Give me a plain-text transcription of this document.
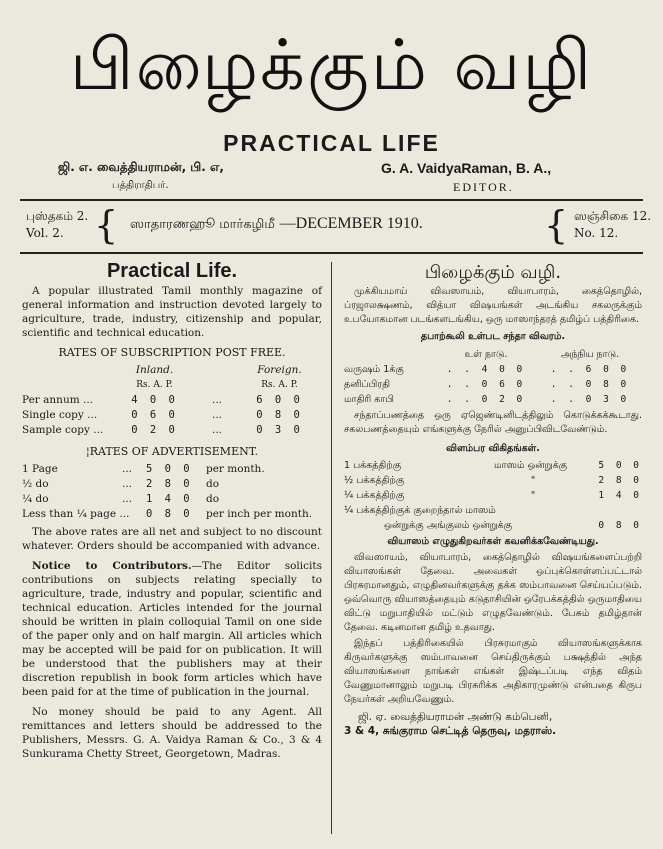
பிழைக்கும் வழி
PRACTICAL LIFE
ஜி. எ. வைத்தியராமன், பி. எ,
பத்திராதிபர்.
G. A. VaidyaRaman, B. A.,
EDITOR.
புஸ்தகம் 2.
Vol. 2. { ஸாதாரணஹூ மார்கழிமீ —DECEMBER 1910.	{ ஸஞ்சிகை 12.
No. 12.
Practical Life.

A popular illustrated Tamil monthly magazine of general information and instruction devoted largely to agriculture, trade, industry, citizenship and popular, scientific and technical education.

RATES OF SUBSCRIPTION POST FREE.
	Inland.		Foreign.
	Rs. A. P.		Rs. A. P.
Per annum ...	4 0 0	...	6 0 0
Single copy ...	0 6 0	...	0 8 0
Sample copy ...	0 2 0	...	0 3 0
¦RATES OF ADVERTISEMENT.
1 Page	...	5 0 0	per month.
½ do	...	2 8 0	do
¼ do	...	1 4 0	do
Less than ¼ page ...		0 8 0	per inch per month.

The above rates are all net and subject to no discount whatever. Orders should be accompanied with advance.

Notice to Contributors.—The Editor solicits contributions on subjects relating specially to agriculture, trade, industry and popular, scientific and technical education. Articles intended for the journal should be written in plain colloquial Tamil on one side of the paper only and on half margin. All articles which may be accepted will be paid for on publication. It will be understood that the publishers may at their discretion republish in book form articles which have been paid for at the time of publication in the journal.

No money should be paid to any Agent. All remittances and letters should be addressed to the Publishers, Messrs. G. A. Vaidya Raman & Co., 3 & 4 Sunkurama Chetty Street, Georgetown, Madras.

பிழைக்கும் வழி.

முக்கியமாய் விவஸாயம், வியாபாரம், கைத்தொழில், ப்ரஜாலக்ஷணம், வித்யா விஷயங்கள் அடங்கிய சகலருக்கும் உபயோகமான படங்களடங்கிய, ஒரு மாஸாந்தரத் தமிழ்ப் பத்திரிகை.

தபாற்கூலி உள்பட சந்தா விவரம்.
	உள் நாடு.	அந்நிய நாடு.
வருஷம் 1க்கு	. . 4 0 0	. . 6 0 0
தனிப்பிரதி	. . 0 6 0	. . 0 8 0
மாதிரி காபி	. . 0 2 0	. . 0 3 0

சந்தாப்பணத்தை ஒரு ஏஜெண்டினிடத்திலும் கொடுக்கக்கூடாது. சகலபணத்தையும் எங்களுக்கு நேரில் அனுப்பிவிடவேண்டும்.

விளம்பர விகிதங்கள்.
1 பக்கத்திற்கு	மாஸம் ஒன்றுக்கு	5 0 0
½ பக்கத்திற்கு	"	2 8 0
¼ பக்கத்திற்கு	"	1 4 0
¼ பக்கத்திற்குக் குறைந்தால் மாஸம்		
ஒன்றுக்கு அங்குலம் ஒன்றுக்கு		0 8 0
வியாஸம் எழுதுகிறவர்கள் கவனிக்கவேண்டியது.

விவஸாயம், வியாபாரம், கைத்தொழில் விஷயங்களைப்பற்றி வியாஸங்கள் தேவை. அவைகள் ஒப்புக்கொள்ளப்பட்டால் பிரசுரமானதும், எழுதினவர்களுக்கு தக்க ஸம்பாவனை செய்யப்படும். ஒவ்வொரு வியாஸத்தையும் கடுதாசியின் ஒரேபக்கத்தில் ஒருமாதியை விட்டு மறுபாதியில் மட்டும் எழுதவேண்டும். பேசும் தமிழ்தான் தேவை. கடினமான தமிழ் உதவாது.

இந்தப் பத்திரிகையில் பிரசுரமாகும் வியாஸங்களுக்காக கிருவர்களுக்கு ஸம்பாவனை செய்திருக்கும் பக்ஷத்தில் அந்த வியாஸங்களை நாங்கள் எங்கள் இஷ்டப்படி எந்த விதம் வேணுமானாலும் மறுபடி பிரசுரிக்க அதிகாரமுண்டு என்பதை கிருப நேயர்கள் அறியவேணும்.

ஜி. ஏ. வைத்தியராமன் அண்டு கம்பெனி,
3 & 4, சுங்குராம செட்டித் தெருவு, மதராஸ்.
